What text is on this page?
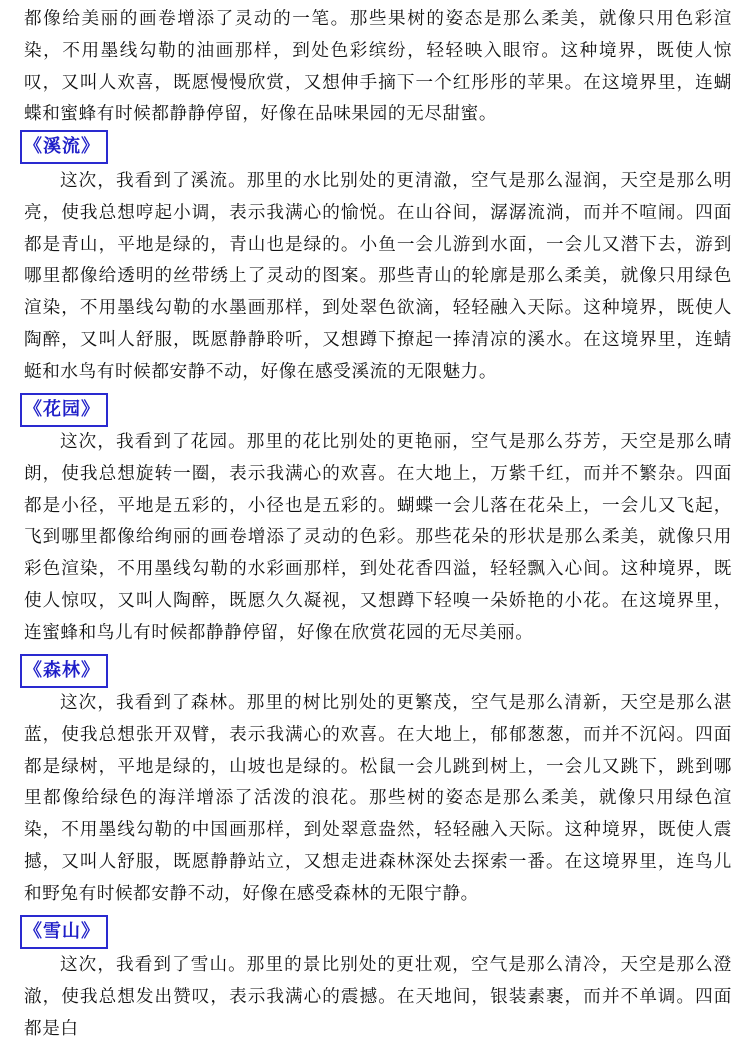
都像给美丽的画卷增添了灵动的一笔。那些果树的姿态是那么柔美，就像只用色彩渲染，不用墨线勾勒的油画那样，到处色彩缤纷，轻轻映入眼帘。这种境界，既使人惊叹，又叫人欢喜，既愿慢慢欣赏，又想伸手摘下一个红彤彤的苹果。在这境界里，连蝴蝶和蜜蜂有时候都静静停留，好像在品味果园的无尽甜蜜。

《溪流》

这次，我看到了溪流。那里的水比别处的更清澈，空气是那么湿润，天空是那么明亮，使我总想哼起小调，表示我满心的愉悦。在山谷间，潺潺流淌，而并不喧闹。四面都是青山，平地是绿的，青山也是绿的。小鱼一会儿游到水面，一会儿又潜下去，游到哪里都像给透明的丝带绣上了灵动的图案。那些青山的轮廓是那么柔美，就像只用绿色渲染，不用墨线勾勒的水墨画那样，到处翠色欲滴，轻轻融入天际。这种境界，既使人陶醉，又叫人舒服，既愿静静聆听，又想蹲下撩起一捧清凉的溪水。在这境界里，连蜻蜓和水鸟有时候都安静不动，好像在感受溪流的无限魅力。

《花园》

这次，我看到了花园。那里的花比别处的更艳丽，空气是那么芬芳，天空是那么晴朗，使我总想旋转一圈，表示我满心的欢喜。在大地上，万紫千红，而并不繁杂。四面都是小径，平地是五彩的，小径也是五彩的。蝴蝶一会儿落在花朵上，一会儿又飞起，飞到哪里都像给绚丽的画卷增添了灵动的色彩。那些花朵的形状是那么柔美，就像只用彩色渲染，不用墨线勾勒的水彩画那样，到处花香四溢，轻轻飘入心间。这种境界，既使人惊叹，又叫人陶醉，既愿久久凝视，又想蹲下轻嗅一朵娇艳的小花。在这境界里，连蜜蜂和鸟儿有时候都静静停留，好像在欣赏花园的无尽美丽。

《森林》

这次，我看到了森林。那里的树比别处的更繁茂，空气是那么清新，天空是那么湛蓝，使我总想张开双臂，表示我满心的欢喜。在大地上，郁郁葱葱，而并不沉闷。四面都是绿树，平地是绿的，山坡也是绿的。松鼠一会儿跳到树上，一会儿又跳下，跳到哪里都像给绿色的海洋增添了活泼的浪花。那些树的姿态是那么柔美，就像只用绿色渲染，不用墨线勾勒的中国画那样，到处翠意盎然，轻轻融入天际。这种境界，既使人震撼，又叫人舒服，既愿静静站立，又想走进森林深处去探索一番。在这境界里，连鸟儿和野兔有时候都安静不动，好像在感受森林的无限宁静。

《雪山》

这次，我看到了雪山。那里的景比别处的更壮观，空气是那么清冷，天空是那么澄澈，使我总想发出赞叹，表示我满心的震撼。在天地间，银装素裹，而并不单调。四面都是白
